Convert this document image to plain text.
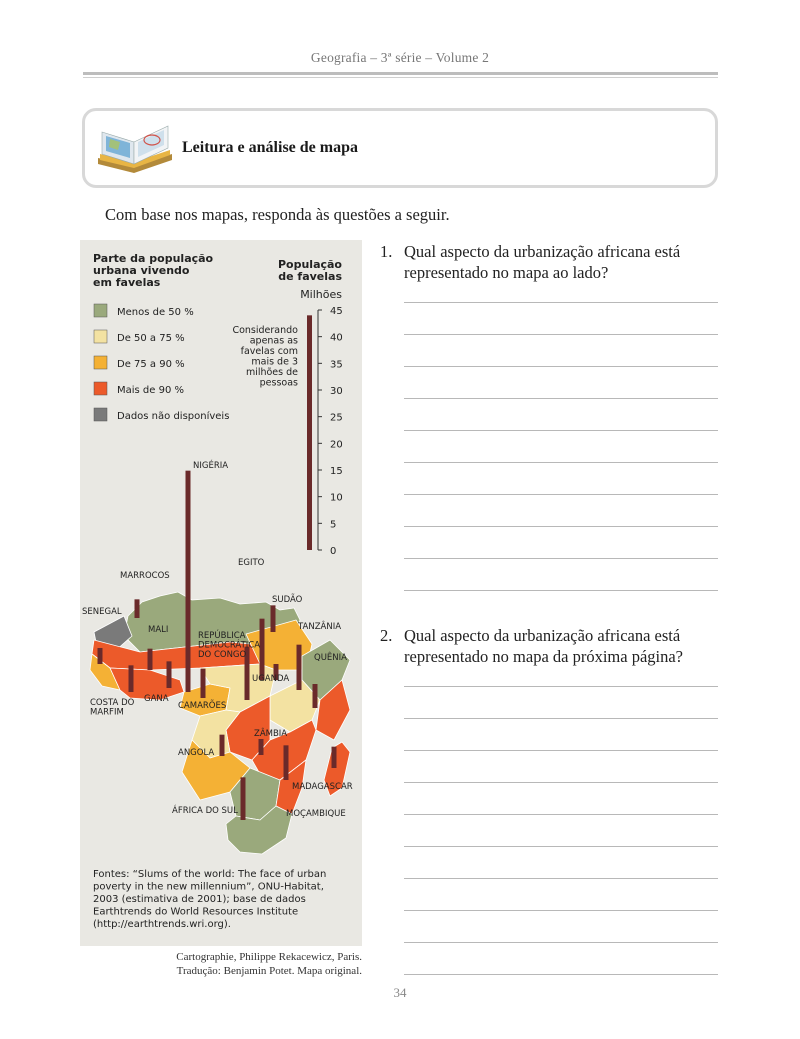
Geografia – 3ª série – Volume 2
Leitura e análise de mapa
Com base nos mapas, responda às questões a seguir.
NIGÉRIA
EGITO
MARROCOS
SUDÃO
SENEGAL
TANZÂNIA
MALI
REPÚBLICA
DEMOCRÁTICA
DO CONGO	QUÊNIA
UGANDA
GANA
COSTA DO
MARFIM
CAMARÕES
ZÂMBIA
ANGOLA
MADAGASCAR
ÁFRICA DO SUL	MOÇAMBIQUE
Parte da população
urbana vivendo
em favelas
Menos de 50 %
De 50 a 75 %
De 75 a 90 %
Mais de 90 %
Dados não disponíveis
População
de favelas
Milhões
45
40
35
30
25
20
15
10
5
0
Considerando
apenas as
favelas com
mais de 3
milhões de
pessoas
Fontes: “Slums of the world: The face of urban
poverty in the new millennium”, ONU-Habitat,
2003 (estimativa de 2001); base de dados
Earthtrends do World Resources Institute
(http://earthtrends.wri.org).
Cartographie, Philippe Rekacewicz, Paris.
Tradução: Benjamin Potet. Mapa original.
1. Qual aspecto da urbanização africana está representado no mapa ao lado?
2. Qual aspecto da urbanização africana está representado no mapa da próxima página?
34
